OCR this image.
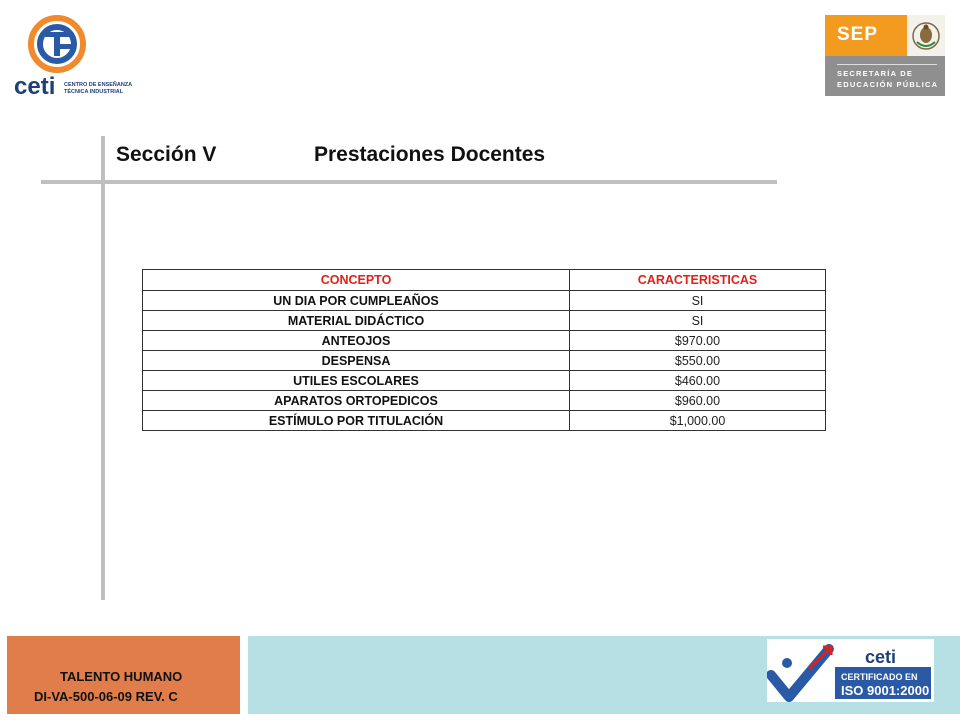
ceti CENTRO DE ENSEÑANZA
TÉCNICA INDUSTRIAL
SEP
SECRETARÍA DE
EDUCACIÓN PÚBLICA
Sección V	Prestaciones Docentes
CONCEPTO	CARACTERISTICAS
UN DIA POR CUMPLEAÑOS	SI
MATERIAL DIDÁCTICO	SI
ANTEOJOS	$970.00
DESPENSA	$550.00
UTILES ESCOLARES	$460.00
APARATOS ORTOPEDICOS	$960.00
ESTÍMULO POR TITULACIÓN	$1,000.00
TALENTO HUMANO
DI-VA-500-06-09 REV. C
ceti
CERTIFICADO EN
ISO 9001:2000
